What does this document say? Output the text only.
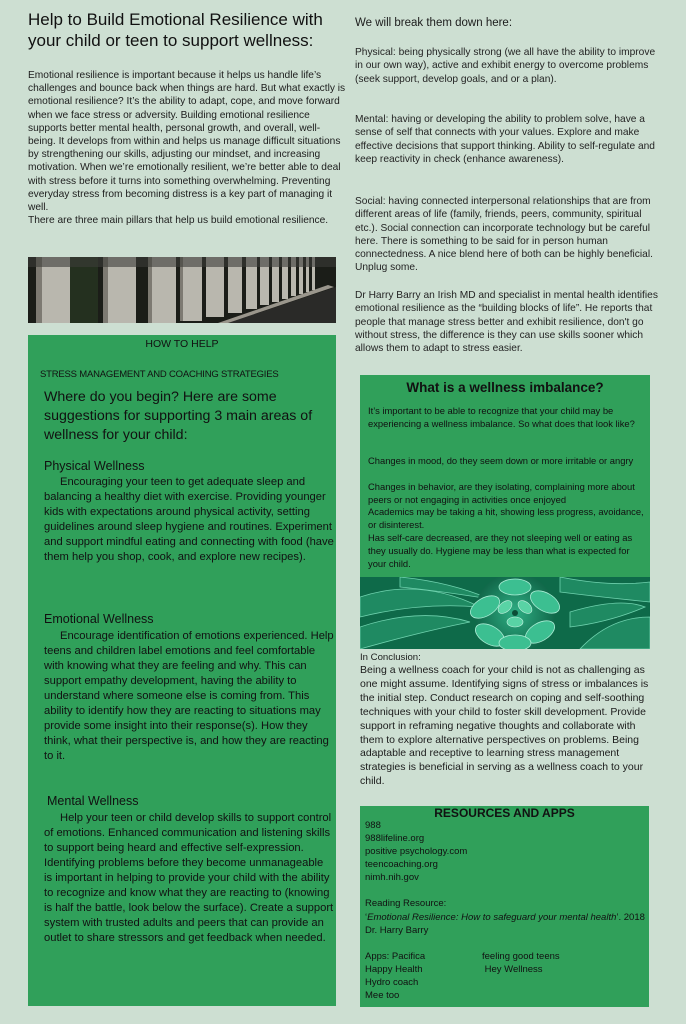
Help to Build Emotional Resilience with your child or teen to support wellness:
Emotional resilience is important because it helps us handle life’s challenges and bounce back when things are hard. But what exactly is emotional resilience? It’s the ability to adapt, cope, and move forward when we face stress or adversity. Building emotional resilience supports better mental health, personal growth, and overall, well-being. It develops from within and helps us manage difficult situations by strengthening our skills, adjusting our mindset, and increasing motivation. When we’re emotionally resilient, we’re better able to deal with stress before it turns into something overwhelming. Preventing everyday stress from becoming distress is a key part of managing it well.
There are three main pillars that help us build emotional resilience.
We will break them down here:
Physical: being physically strong (we all have the ability to improve in our own way), active and exhibit energy to overcome problems (seek support, develop goals, and or a plan).
Mental: having or developing the ability to problem solve, have a sense of self that connects with your values. Explore and make effective decisions that support thinking. Ability to self-regulate and keep reactivity in check (enhance awareness).
Social: having connected interpersonal relationships that are from different areas of life (family, friends, peers, community, spiritual etc.). Social connection can incorporate technology but be careful here. There is something to be said for in person human connectedness. A nice blend here of both can be highly beneficial. Unplug some.
Dr Harry Barry an Irish MD and specialist in mental health identifies emotional resilience as the “building blocks of life”. He reports that people that manage stress better and exhibit resilience, don't go without stress, the difference is they can use skills sooner which allows them to adapt to stress easier.
HOW TO HELP
STRESS MANAGEMENT AND COACHING STRATEGIES
Where do you begin? Here are some suggestions for supporting 3 main areas of wellness for your child:
Physical Wellness
Encouraging your teen to get adequate sleep and balancing a healthy diet with exercise. Providing younger kids with expectations around physical activity, setting guidelines around sleep hygiene and routines. Experiment and support mindful eating and connecting with food (have them help you shop, cook, and explore new recipes).
Emotional Wellness
Encourage identification of emotions experienced. Help teens and children label emotions and feel comfortable with knowing what they are feeling and why. This can support empathy development, having the ability to understand where someone else is coming from. This ability to identify how they are reacting to situations may provide some insight into their response(s). How they think, what their perspective is, and how they are reacting to it.
Mental Wellness
Help your teen or child develop skills to support control of emotions. Enhanced communication and listening skills to support being heard and effective self-expression. Identifying problems before they become unmanageable is important in helping to provide your child with the ability to recognize and know what they are reacting to (knowing is half the battle, look below the surface). Create a support system with trusted adults and peers that can provide an outlet to share stressors and get feedback when needed.
What is a wellness imbalance?
It’s important to be able to recognize that your child may be experiencing a wellness imbalance. So what does that look like?
Changes in mood, do they seem down or more irritable or angry
Changes in behavior, are they isolating, complaining more about peers or not engaging in activities once enjoyed
Academics may be taking a hit, showing less progress, avoidance, or disinterest.
Has self-care decreased, are they not sleeping well or eating as they usually do. Hygiene may be less than what is expected for your child.
In Conclusion:
Being a wellness coach for your child is not as challenging as one might assume. Identifying signs of stress or imbalances is the initial step. Conduct research on coping and self-soothing techniques with your child to foster skill development. Provide support in reframing negative thoughts and collaborate with them to explore alternative perspectives on problems. Being adaptable and receptive to learning stress management strategies is beneficial in serving as a wellness coach to your child.
RESOURCES AND APPS
988
988lifeline.org
positive psychology.com
teencoaching.org
nimh.nih.gov
Reading Resource:
‘Emotional Resilience: How to safeguard your mental health’. 2018 Dr. Harry Barry
Apps: Pacifica
Happy Health
Hydro coach
Mee too
feeling good teens
Hey Wellness
